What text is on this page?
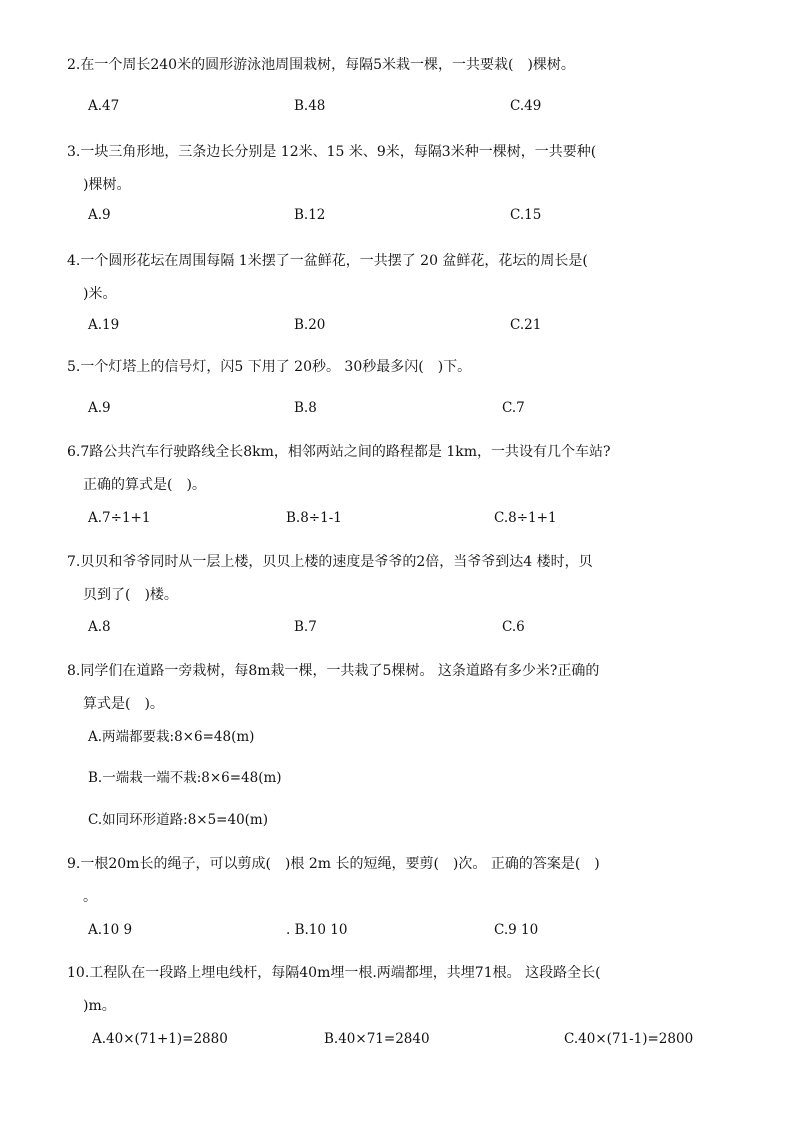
2.在一个周长240米的圆形游泳池周围栽树，每隔5米栽一棵，一共要栽(　)棵树。
A.47	B.48	C.49
3.一块三角形地，三条边长分别是 12米、15 米、9米，每隔3米种一棵树，一共要种(
)棵树。
A.9	B.12	C.15
4.一个圆形花坛在周围每隔 1米摆了一盆鲜花，一共摆了 20 盆鲜花，花坛的周长是(
)米。
A.19	B.20	C.21
5.一个灯塔上的信号灯，闪5 下用了 20秒。 30秒最多闪(　)下。
A.9	B.8	C.7
6.7路公共汽车行驶路线全长8km，相邻两站之间的路程都是 1km，一共设有几个车站?
正确的算式是(　)。
A.7÷1+1	B.8÷1-1	C.8÷1+1
7.贝贝和爷爷同时从一层上楼，贝贝上楼的速度是爷爷的2倍，当爷爷到达4 楼时，贝
贝到了(　)楼。
A.8	B.7	C.6
8.同学们在道路一旁栽树，每8m栽一棵，一共栽了5棵树。 这条道路有多少米?正确的
算式是(　)。
A.两端都要栽:8×6=48(m)
B.一端栽一端不栽:8×6=48(m)
C.如同环形道路:8×5=40(m)
9.一根20m长的绳子，可以剪成(　)根 2m 长的短绳，要剪(　)次。 正确的答案是(　)
。
A.10 9	. B.10 10	C.9 10
10.工程队在一段路上埋电线杆，每隔40m埋一根.两端都埋，共埋71根。 这段路全长(
)m。
A.40×(71+1)=2880	B.40×71=2840	C.40×(71-1)=2800
